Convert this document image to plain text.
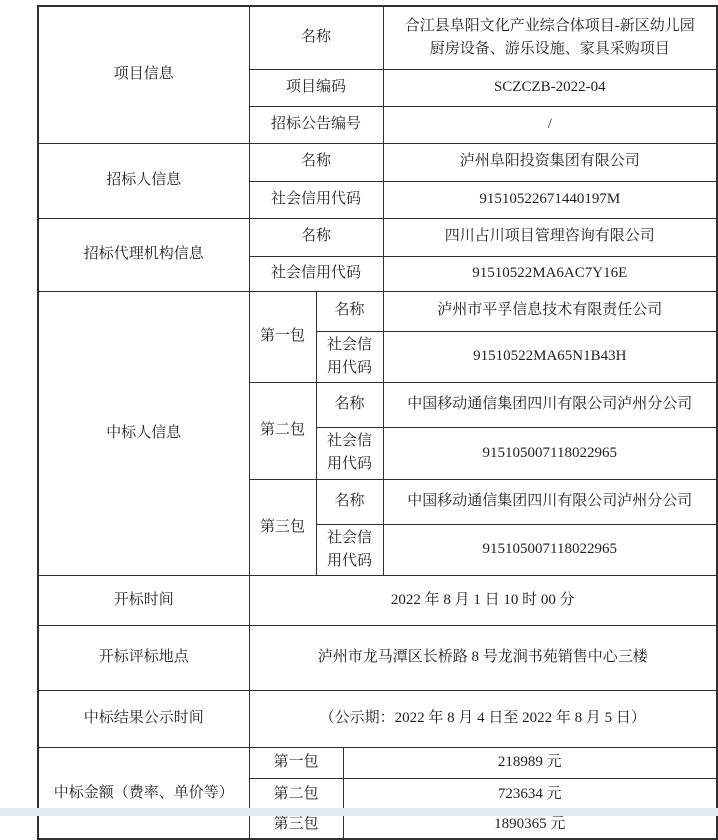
项目信息	名称			合江县阜阳文化产业综合体项目-新区幼儿园厨房设备、游乐设施、家具采购项目
	项目编码			SCZCZB-2022-04
	招标公告编号			/
招标人信息	名称			泸州阜阳投资集团有限公司
	社会信用代码			91510522671440197M
招标代理机构信息	名称			四川占川项目管理咨询有限公司
	社会信用代码			91510522MA6AC7Y16E
中标人信息	第一包	名称		泸州市平孚信息技术有限责任公司
		社会信用代码		91510522MA65N1B43H
	第二包	名称		中国移动通信集团四川有限公司泸州分公司
		社会信用代码		915105007118022965
	第三包	名称		中国移动通信集团四川有限公司泸州分公司
		社会信用代码		915105007118022965
开标时间	2022 年 8 月 1 日 10 时 00 分			
开标评标地点	泸州市龙马潭区长桥路 8 号龙涧书苑销售中心三楼			
中标结果公示时间	（公示期：2022 年 8 月 4 日至 2022 年 8 月 5 日）			
中标金额（费率、单价等）	第一包		218989 元	
	第二包		723634 元	
	第三包		1890365 元	
